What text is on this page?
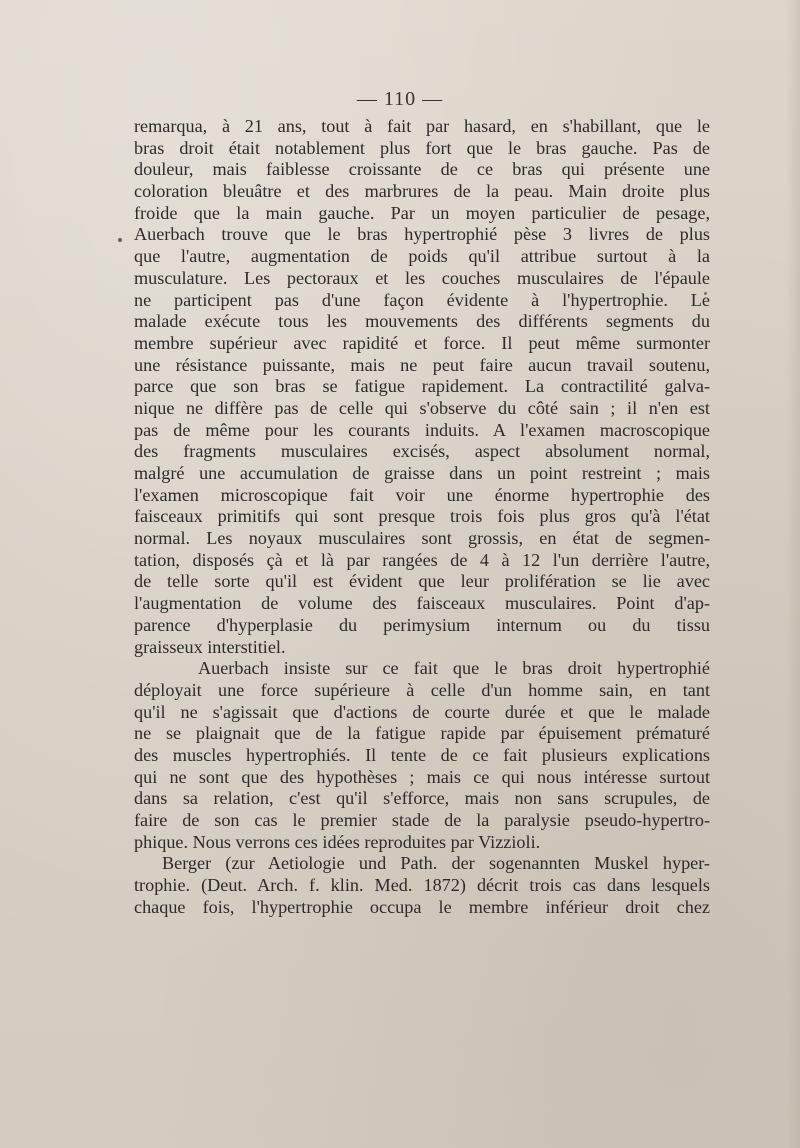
— 110 —
remarqua, à 21 ans, tout à fait par hasard, en s'habillant, que le
bras droit était notablement plus fort que le bras gauche. Pas de
douleur, mais faiblesse croissante de ce bras qui présente une
coloration bleuâtre et des marbrures de la peau. Main droite plus
froide que la main gauche. Par un moyen particulier de pesage,
Auerbach trouve que le bras hypertrophié pèse 3 livres de plus
que l'autre, augmentation de poids qu'il attribue surtout à la
musculature. Les pectoraux et les couches musculaires de l'épaule
ne participent pas d'une façon évidente à l'hypertrophie. Le
malade exécute tous les mouvements des différents segments du
membre supérieur avec rapidité et force. Il peut même surmonter
une résistance puissante, mais ne peut faire aucun travail soutenu,
parce que son bras se fatigue rapidement. La contractilité galva-
nique ne diffère pas de celle qui s'observe du côté sain ; il n'en est
pas de même pour les courants induits. A l'examen macroscopique
des fragments musculaires excisés, aspect absolument normal,
malgré une accumulation de graisse dans un point restreint ; mais
l'examen microscopique fait voir une énorme hypertrophie des
faisceaux primitifs qui sont presque trois fois plus gros qu'à l'état
normal. Les noyaux musculaires sont grossis, en état de segmen-
tation, disposés çà et là par rangées de 4 à 12 l'un derrière l'autre,
de telle sorte qu'il est évident que leur prolifération se lie avec
l'augmentation de volume des faisceaux musculaires. Point d'ap-
parence d'hyperplasie du perimysium internum ou du tissu
graisseux interstitiel.
Auerbach insiste sur ce fait que le bras droit hypertrophié
déployait une force supérieure à celle d'un homme sain, en tant
qu'il ne s'agissait que d'actions de courte durée et que le malade
ne se plaignait que de la fatigue rapide par épuisement prématuré
des muscles hypertrophiés. Il tente de ce fait plusieurs explications
qui ne sont que des hypothèses ; mais ce qui nous intéresse surtout
dans sa relation, c'est qu'il s'efforce, mais non sans scrupules, de
faire de son cas le premier stade de la paralysie pseudo-hypertro-
phique. Nous verrons ces idées reproduites par Vizzioli.
Berger (zur Aetiologie und Path. der sogenannten Muskel hyper-
trophie. (Deut. Arch. f. klin. Med. 1872) décrit trois cas dans lesquels
chaque fois, l'hypertrophie occupa le membre inférieur droit chez
